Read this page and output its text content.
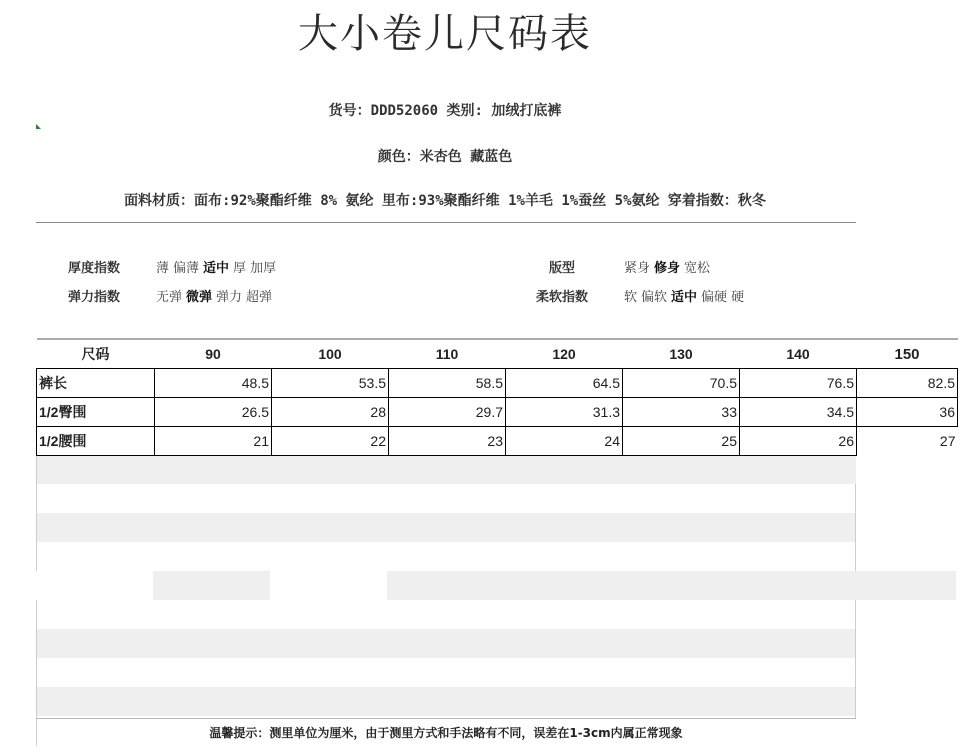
大小卷儿尺码表
货号：DDD52060 类别: 加绒打底裤
颜色：米杏色 藏蓝色
面料材质：面布:92%聚酯纤维 8% 氨纶 里布:93%聚酯纤维 1%羊毛 1%蚕丝 5%氨纶 穿着指数：秋冬
厚度指数	薄 偏薄 适中 厚 加厚
弹力指数	无弹 微弹 弹力 超弹
版型	紧身 修身 宽松
柔软指数	软 偏软 适中 偏硬 硬
尺码	90	100	110	120	130	140	150
裤长	48.5	53.5	58.5	64.5	70.5	76.5	82.5
1/2臀围	26.5	28	29.7	31.3	33	34.5	36
1/2腰围	21	22	23	24	25	26	27
温馨提示：测里单位为厘米，由于测里方式和手法略有不同，误差在1-3cm内属正常现象
